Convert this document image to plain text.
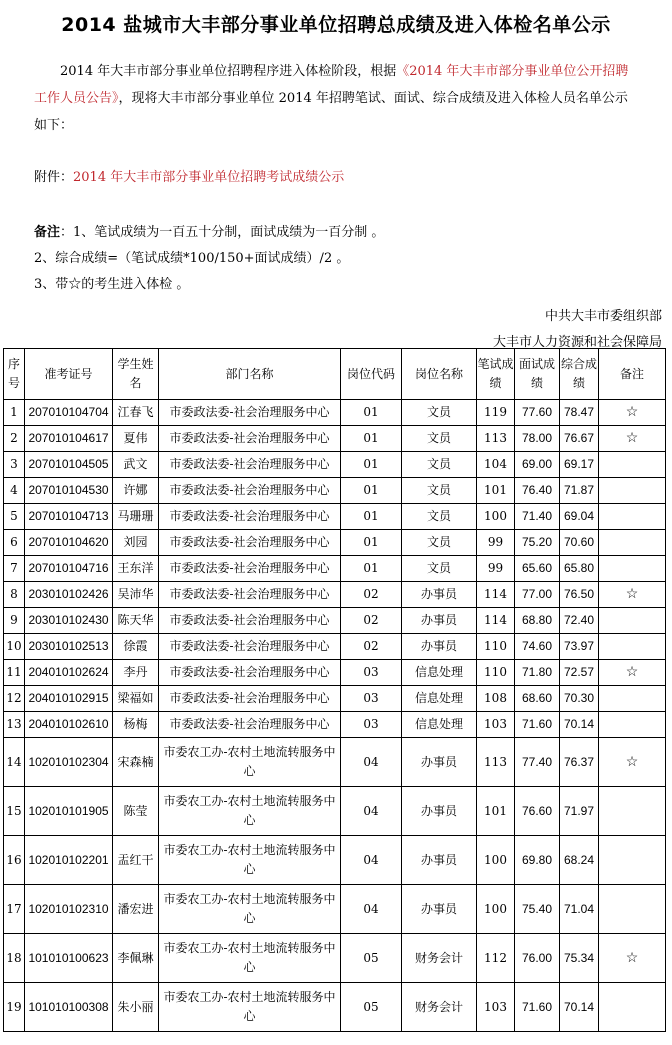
2014 盐城市大丰部分事业单位招聘总成绩及进入体检名单公示
2014 年大丰市部分事业单位招聘程序进入体检阶段，根据《2014 年大丰市部分事业单位公开招聘工作人员公告》，现将大丰市部分事业单位 2014 年招聘笔试、面试、综合成绩及进入体检人员名单公示如下：
附件：2014 年大丰市部分事业单位招聘考试成绩公示
备注：1、笔试成绩为一百五十分制，面试成绩为一百分制 。
2、综合成绩=（笔试成绩*100/150+面试成绩）/2 。
3、带☆的考生进入体检 。
中共大丰市委组织部
大丰市人力资源和社会保障局
序号	准考证号	学生姓名	部门名称	岗位代码	岗位名称	笔试成绩	面试成绩	综合成绩	备注
1	207010104704	江春飞	市委政法委-社会治理服务中心	01	文员	119	77.60	78.47	☆
2	207010104617	夏伟	市委政法委-社会治理服务中心	01	文员	113	78.00	76.67	☆
3	207010104505	武文	市委政法委-社会治理服务中心	01	文员	104	69.00	69.17	
4	207010104530	许娜	市委政法委-社会治理服务中心	01	文员	101	76.40	71.87	
5	207010104713	马珊珊	市委政法委-社会治理服务中心	01	文员	100	71.40	69.04	
6	207010104620	刘园	市委政法委-社会治理服务中心	01	文员	99	75.20	70.60	
7	207010104716	王东洋	市委政法委-社会治理服务中心	01	文员	99	65.60	65.80	
8	203010102426	吴沛华	市委政法委-社会治理服务中心	02	办事员	114	77.00	76.50	☆
9	203010102430	陈天华	市委政法委-社会治理服务中心	02	办事员	114	68.80	72.40	
10	203010102513	徐霞	市委政法委-社会治理服务中心	02	办事员	110	74.60	73.97	
11	204010102624	李丹	市委政法委-社会治理服务中心	03	信息处理	110	71.80	72.57	☆
12	204010102915	梁福如	市委政法委-社会治理服务中心	03	信息处理	108	68.60	70.30	
13	204010102610	杨梅	市委政法委-社会治理服务中心	03	信息处理	103	71.60	70.14	
14	102010102304	宋森楠	市委农工办-农村土地流转服务中心	04	办事员	113	77.40	76.37	☆
15	102010101905	陈莹	市委农工办-农村土地流转服务中心	04	办事员	101	76.60	71.97	
16	102010102201	盂红干	市委农工办-农村土地流转服务中心	04	办事员	100	69.80	68.24	
17	102010102310	潘宏进	市委农工办-农村土地流转服务中心	04	办事员	100	75.40	71.04	
18	101010100623	李佩琳	市委农工办-农村土地流转服务中心	05	财务会计	112	76.00	75.34	☆
19	101010100308	朱小丽	市委农工办-农村土地流转服务中心	05	财务会计	103	71.60	70.14	
